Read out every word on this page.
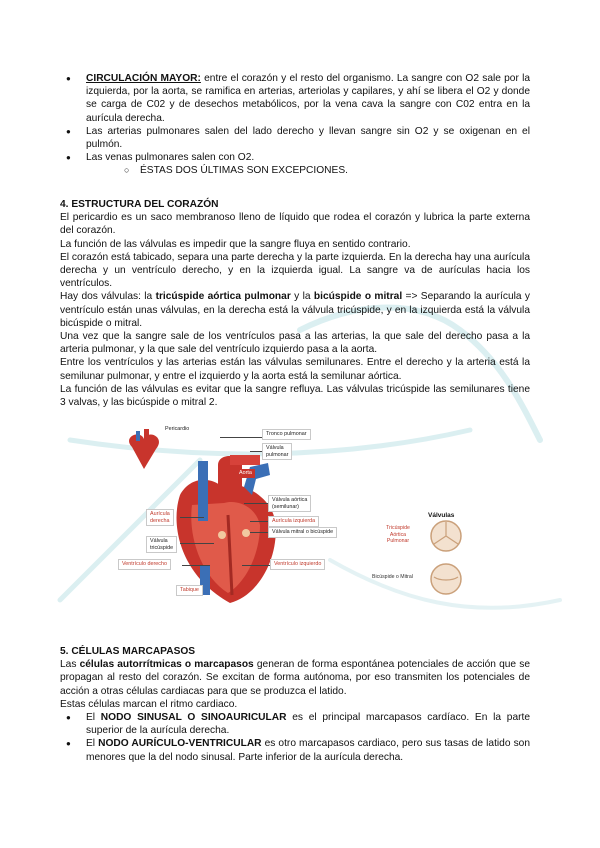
● CIRCULACIÓN MAYOR: entre el corazón y el resto del organismo. La sangre con O2 sale por la izquierda, por la aorta, se ramifica en arterias, arteriolas y capilares, y ahí se libera el O2 y donde se carga de C02 y de desechos metabólicos, por la vena cava la sangre con C02 entra en la aurícula derecha.
● Las arterias pulmonares salen del lado derecho y llevan sangre sin O2 y se oxigenan en el pulmón.
● Las venas pulmonares salen con O2.
○ ÉSTAS DOS ÚLTIMAS SON EXCEPCIONES.

4. ESTRUCTURA DEL CORAZÓN

El pericardio es un saco membranoso lleno de líquido que rodea el corazón y lubrica la parte externa del corazón.

La función de las válvulas es impedir que la sangre fluya en sentido contrario.

El corazón está tabicado, separa una parte derecha y la parte izquierda. En la derecha hay una aurícula derecha y un ventrículo derecho, y en la izquierda igual. La sangre va de aurículas hacia los ventrículos.

Hay dos válvulas: la tricúspide aórtica pulmonar y la bicúspide o mitral => Separando la aurícula y ventrículo están unas válvulas, en la derecha está la válvula tricúspide, y en la izquierda está la válvula bicúspide o mitral.

Una vez que la sangre sale de los ventrículos pasa a las arterias, la que sale del derecho pasa a la arteria pulmonar, y la que sale del ventrículo izquierdo pasa a la aorta.

Entre los ventrículos y las arterias están las válvulas semilunares. Entre el derecho y la arteria está la semilunar pulmonar, y entre el izquierdo y la aorta está la semilunar aórtica.

La función de las válvulas es evitar que la sangre refluya. Las válvulas tricúspide las semilunares tiene 3 valvas, y las bicúspide o mitral 2.

Pericardio
Tronco pulmonar
Válvula
pulmonar
Aorta
Válvula aórtica
(semilunar)
Aurícula izquierda
Válvula mitral o bicúspide
Aurícula
derecha
Válvula
tricúspide
Ventrículo derecho	Ventrículo izquierdo
Tabique
Válvulas
Tricúspide
Aórtica
Pulmonar
Bicúspide o Mitral

5. CÉLULAS MARCAPASOS

Las células autorrítmicas o marcapasos generan de forma espontánea potenciales de acción que se propagan al resto del corazón. Se excitan de forma autónoma, por eso transmiten los potenciales de acción a otras células cardiacas para que se produzca el latido.

Estas células marcan el ritmo cardiaco.

● El NODO SINUSAL O SINOAURICULAR es el principal marcapasos cardíaco. En la parte superior de la aurícula derecha.
● El NODO AURÍCULO-VENTRICULAR es otro marcapasos cardiaco, pero sus tasas de latido son menores que la del nodo sinusal. Parte inferior de la aurícula derecha.
